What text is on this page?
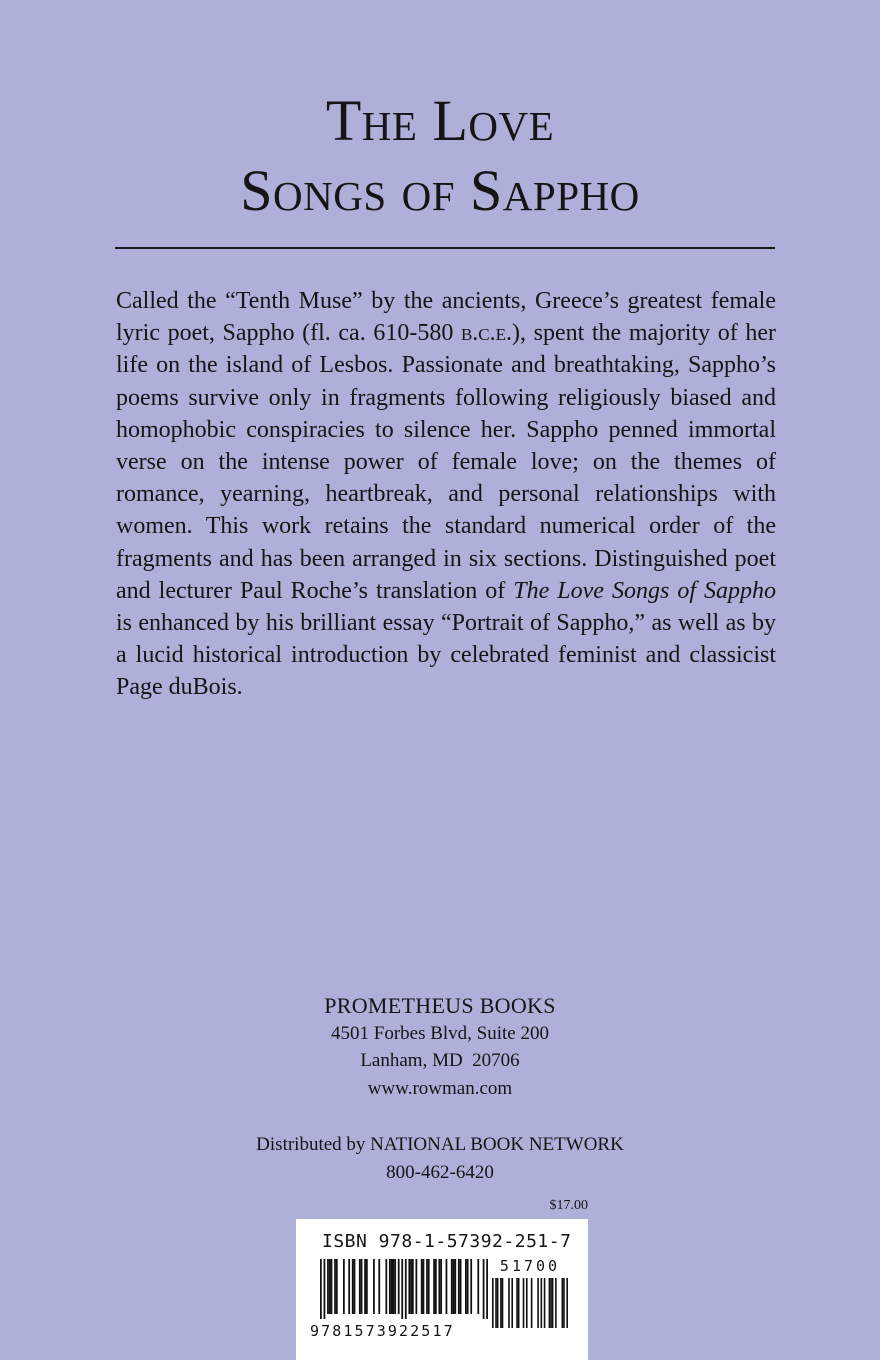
The Love
Songs of Sappho
Called the “Tenth Muse” by the ancients, Greece’s greatest female lyric poet, Sappho (fl. ca. 610-580 b.c.e.), spent the majority of her life on the island of Lesbos. Passionate and breathtaking, Sappho’s poems survive only in fragments following religiously biased and homophobic conspiracies to silence her. Sappho penned immortal verse on the intense power of female love; on the themes of romance, yearning, heartbreak, and personal relationships with women. This work retains the standard numerical order of the fragments and has been arranged in six sections. Distinguished poet and lecturer Paul Roche’s translation of The Love Songs of Sappho is enhanced by his brilliant essay “Portrait of Sappho,” as well as by a lucid historical introduction by celebrated feminist and classicist Page duBois.
PROMETHEUS BOOKS
4501 Forbes Blvd, Suite 200
Lanham, MD  20706
www.rowman.com
Distributed by NATIONAL BOOK NETWORK
800-462-6420
$17.00
ISBN 978-1-57392-251-7
51700
9781573922517
